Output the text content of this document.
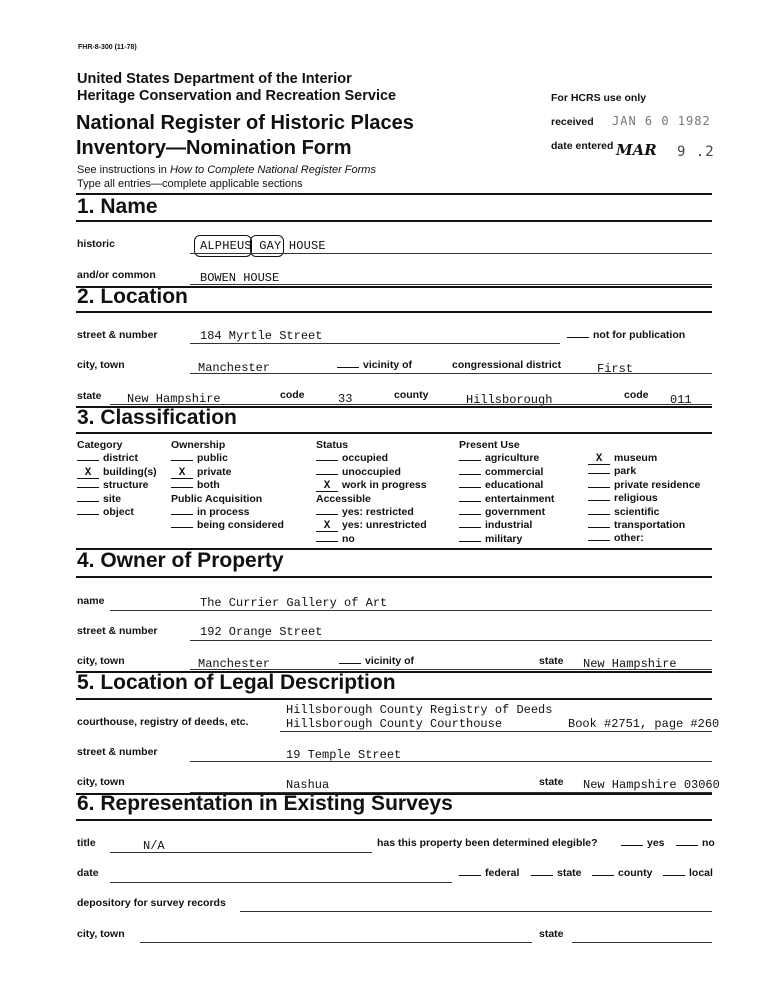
FHR-8-300 (11-78)
United States Department of the Interior
Heritage Conservation and Recreation Service
National Register of Historic Places
Inventory—Nomination Form
See instructions in How to Complete National Register Forms
Type all entries—complete applicable sections
For HCRS use only
received JAN 6 0 1982
date entered MAR 9 .2
1. Name
historic	ALPHEUS GAY HOUSE
and/or common	BOWEN HOUSE
2. Location
street & number	184 Myrtle Street	not for publication
city, town	Manchester	vicinity of	congressional district	First
state New Hampshire	code	33	county	Hillsborough	code 011
3. Classification
Category
district
X building(s)
structure
site
object
Ownership
public
X private
both
Public Acquisition
in process
being considered
Status
occupied
unoccupied
X work in progress
Accessible
yes: restricted
X yes: unrestricted
no
Present Use
agriculture
commercial
educational
entertainment
government
industrial
military
X museum
park
private residence
religious
scientific
transportation
other:
4. Owner of Property
name	The Currier Gallery of Art
street & number	192 Orange Street
city, town	Manchester	vicinity of	state New Hampshire
5. Location of Legal Description
Hillsborough County Registry of Deeds
courthouse, registry of deeds, etc.	Hillsborough County Courthouse	Book #2751, page #260
street & number	19 Temple Street
city, town	Nashua	state New Hampshire 03060
6. Representation in Existing Surveys
title	N/A	has this property been determined elegible?	yes	no
date	federal	state	county	local
depository for survey records
city, town	state
